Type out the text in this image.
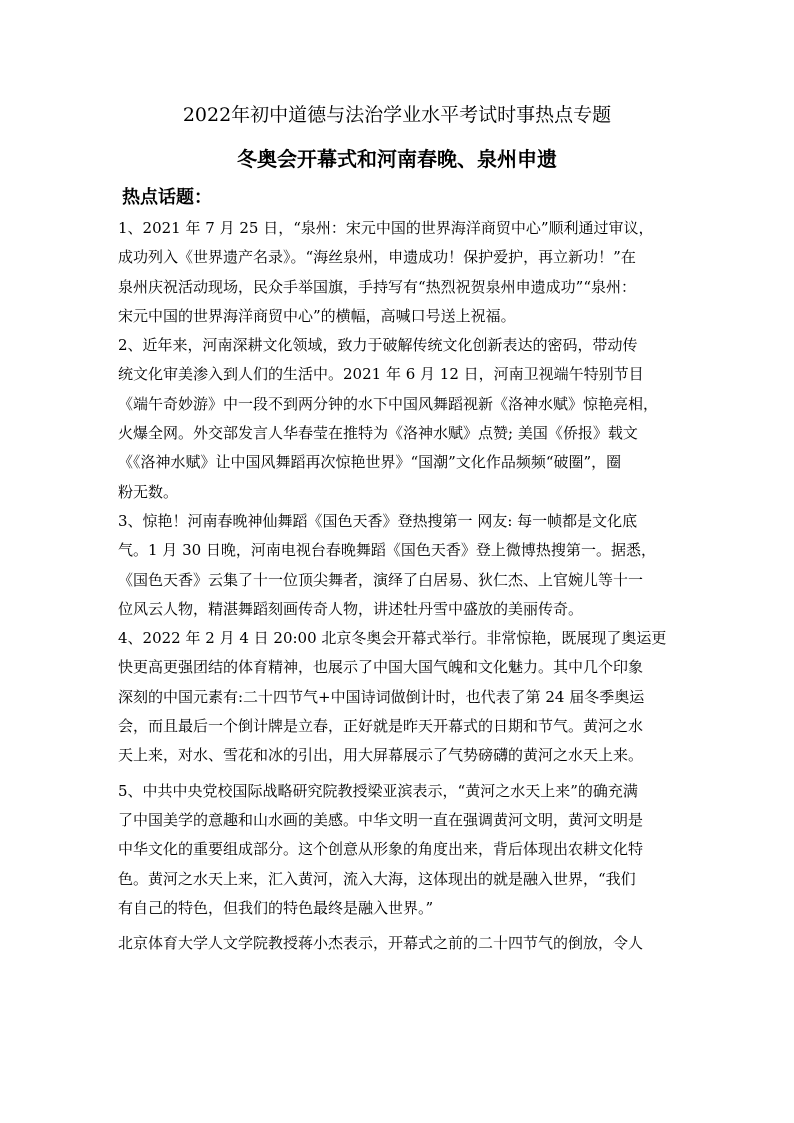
2022年初中道德与法治学业水平考试时事热点专题
冬奥会开幕式和河南春晚、泉州申遗
热点话题：
1、2021 年 7 月 25 日，“泉州：宋元中国的世界海洋商贸中心”顺利通过审议，
成功列入《世界遗产名录》。“海丝泉州，申遗成功！保护爱护，再立新功！”在
泉州庆祝活动现场，民众手举国旗，手持写有“热烈祝贺泉州申遗成功”“泉州：
宋元中国的世界海洋商贸中心”的横幅，高喊口号送上祝福。
2、近年来，河南深耕文化领域，致力于破解传统文化创新表达的密码，带动传
统文化审美渗入到人们的生活中。2021 年 6 月 12 日，河南卫视端午特别节目
《端午奇妙游》中一段不到两分钟的水下中国风舞蹈视新《洛神水赋》惊艳亮相，
火爆全网。外交部发言人华春莹在推特为《洛神水赋》点赞; 美国《侨报》载文
《《洛神水赋》让中国风舞蹈再次惊艳世界》“国潮”文化作品频频“破圈”，圈
粉无数。
3、惊艳！河南春晚神仙舞蹈《国色天香》登热搜第一 网友: 每一帧都是文化底
气。1 月 30 日晚，河南电视台春晚舞蹈《国色天香》登上微博热搜第一。据悉，
《国色天香》云集了十一位顶尖舞者，演绎了白居易、狄仁杰、上官婉儿等十一
位风云人物，精湛舞蹈刻画传奇人物，讲述牡丹雪中盛放的美丽传奇。
4、2022 年 2 月 4 日 20:00 北京冬奥会开幕式举行。非常惊艳，既展现了奥运更
快更高更强团结的体育精神，也展示了中国大国气魄和文化魅力。其中几个印象
深刻的中国元素有:二十四节气+中国诗词做倒计时，也代表了第 24 届冬季奥运
会，而且最后一个倒计牌是立春，正好就是昨天开幕式的日期和节气。黄河之水
天上来，对水、雪花和冰的引出，用大屏幕展示了气势磅礴的黄河之水天上来。
5、中共中央党校国际战略研究院教授梁亚滨表示，“黄河之水天上来”的确充满
了中国美学的意趣和山水画的美感。中华文明一直在强调黄河文明，黄河文明是
中华文化的重要组成部分。这个创意从形象的角度出来，背后体现出农耕文化特
色。黄河之水天上来，汇入黄河，流入大海，这体现出的就是融入世界，“我们
有自己的特色，但我们的特色最终是融入世界。”
北京体育大学人文学院教授蒋小杰表示，开幕式之前的二十四节气的倒放，令人
